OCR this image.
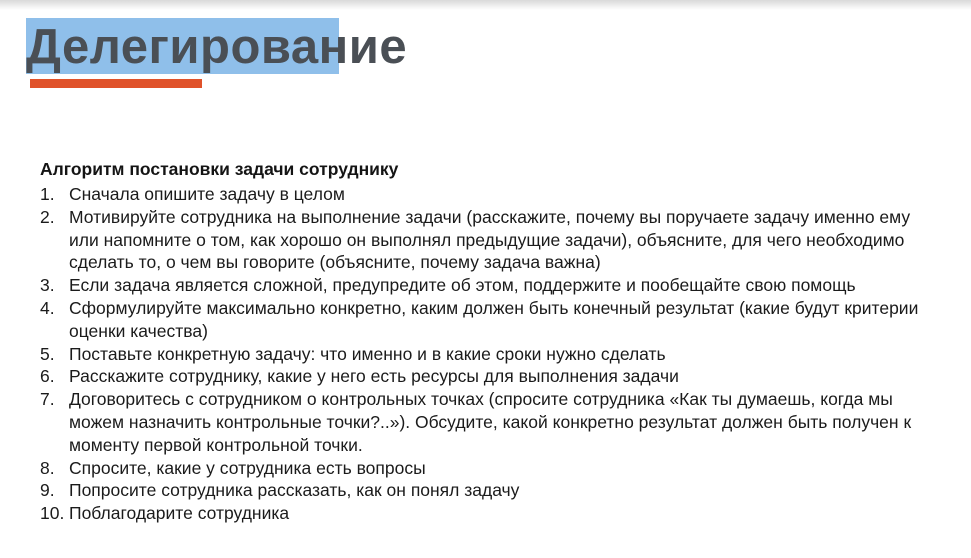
Делегирование
Алгоритм постановки задачи сотруднику
1. Сначала опишите задачу в целом
2. Мотивируйте сотрудника на выполнение задачи (расскажите, почему вы поручаете задачу именно ему или напомните о том, как хорошо он выполнял предыдущие задачи), объясните, для чего необходимо сделать то, о чем вы говорите (объясните, почему задача важна)
3. Если задача является сложной, предупредите об этом, поддержите и пообещайте свою помощь
4. Сформулируйте максимально конкретно, каким должен быть конечный результат (какие будут критерии оценки качества)
5. Поставьте конкретную задачу: что именно и в какие сроки нужно сделать
6. Расскажите сотруднику, какие у него есть ресурсы для выполнения задачи
7. Договоритесь с сотрудником о контрольных точках (спросите сотрудника «Как ты думаешь, когда мы можем назначить контрольные точки?..»). Обсудите, какой конкретно результат должен быть получен к моменту первой контрольной точки.
8. Спросите, какие у сотрудника есть вопросы
9. Попросите сотрудника рассказать, как он понял задачу
10. Поблагодарите сотрудника
